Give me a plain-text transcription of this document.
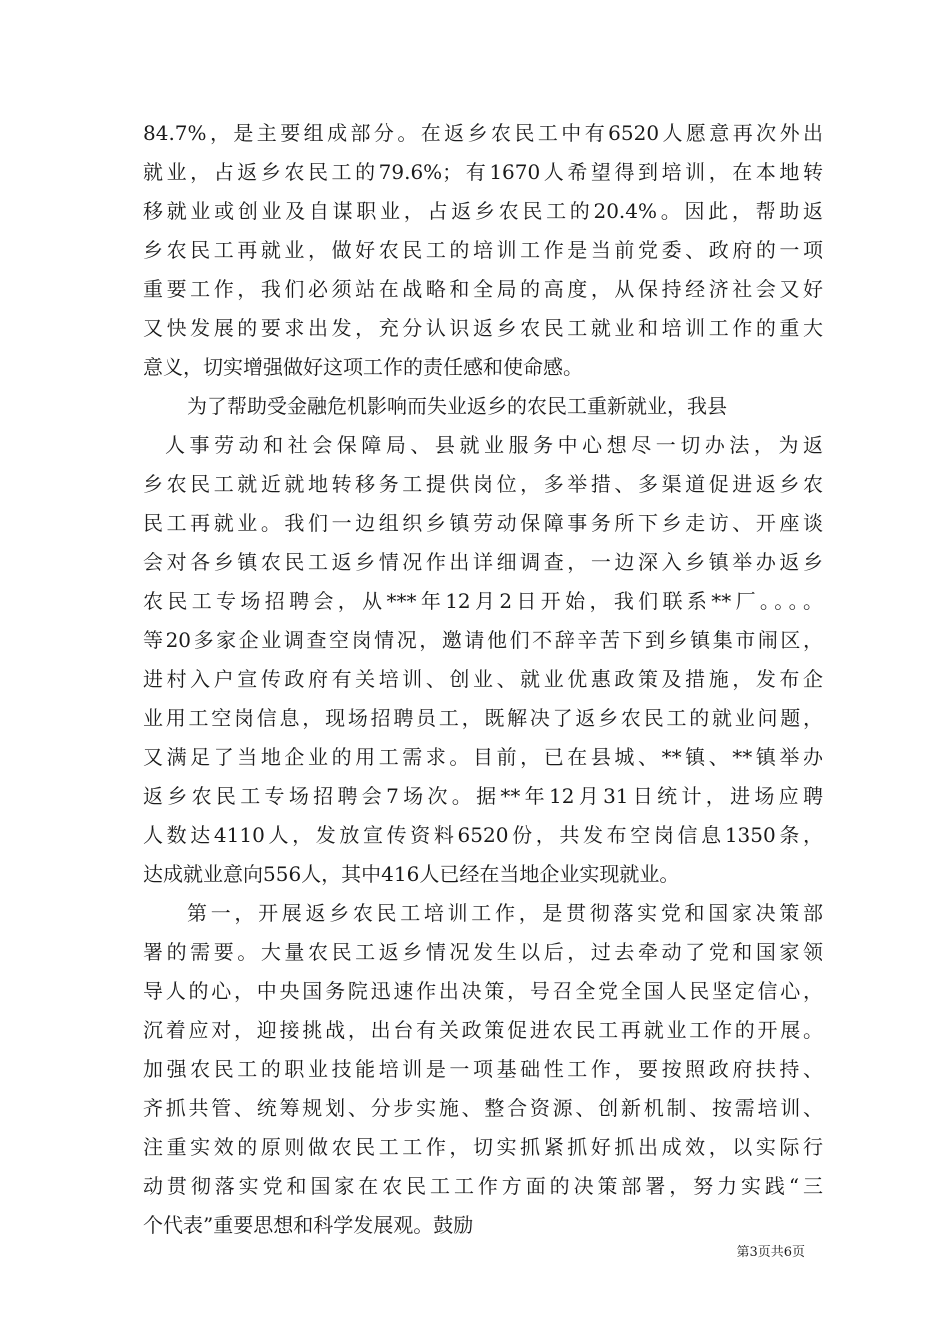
84.7%，是主要组成部分。在返乡农民工中有6520人愿意再次外出
就业，占返乡农民工的79.6%；有1670人希望得到培训，在本地转
移就业或创业及自谋职业，占返乡农民工的20.4%。因此，帮助返
乡农民工再就业，做好农民工的培训工作是当前党委、政府的一项
重要工作，我们必须站在战略和全局的高度，从保持经济社会又好
又快发展的要求出发，充分认识返乡农民工就业和培训工作的重大
意义，切实增强做好这项工作的责任感和使命感。
为了帮助受金融危机影响而失业返乡的农民工重新就业，我县
人事劳动和社会保障局、县就业服务中心想尽一切办法，为返
乡农民工就近就地转移务工提供岗位，多举措、多渠道促进返乡农
民工再就业。我们一边组织乡镇劳动保障事务所下乡走访、开座谈
会对各乡镇农民工返乡情况作出详细调查，一边深入乡镇举办返乡
农民工专场招聘会，从***年12月2日开始，我们联系**厂。。。。
等20多家企业调查空岗情况，邀请他们不辞辛苦下到乡镇集市闹区，
进村入户宣传政府有关培训、创业、就业优惠政策及措施，发布企
业用工空岗信息，现场招聘员工，既解决了返乡农民工的就业问题，
又满足了当地企业的用工需求。目前，已在县城、**镇、**镇举办
返乡农民工专场招聘会7场次。据**年12月31日统计，进场应聘
人数达4110人，发放宣传资料6520份，共发布空岗信息1350条，
达成就业意向556人，其中416人已经在当地企业实现就业。
第一，开展返乡农民工培训工作，是贯彻落实党和国家决策部
署的需要。大量农民工返乡情况发生以后，过去牵动了党和国家领
导人的心，中央国务院迅速作出决策，号召全党全国人民坚定信心，
沉着应对，迎接挑战，出台有关政策促进农民工再就业工作的开展。
加强农民工的职业技能培训是一项基础性工作，要按照政府扶持、
齐抓共管、统筹规划、分步实施、整合资源、创新机制、按需培训、
注重实效的原则做农民工工作，切实抓紧抓好抓出成效，以实际行
动贯彻落实党和国家在农民工工作方面的决策部署，努力实践“三
个代表”重要思想和科学发展观。鼓励
第3页共6页
